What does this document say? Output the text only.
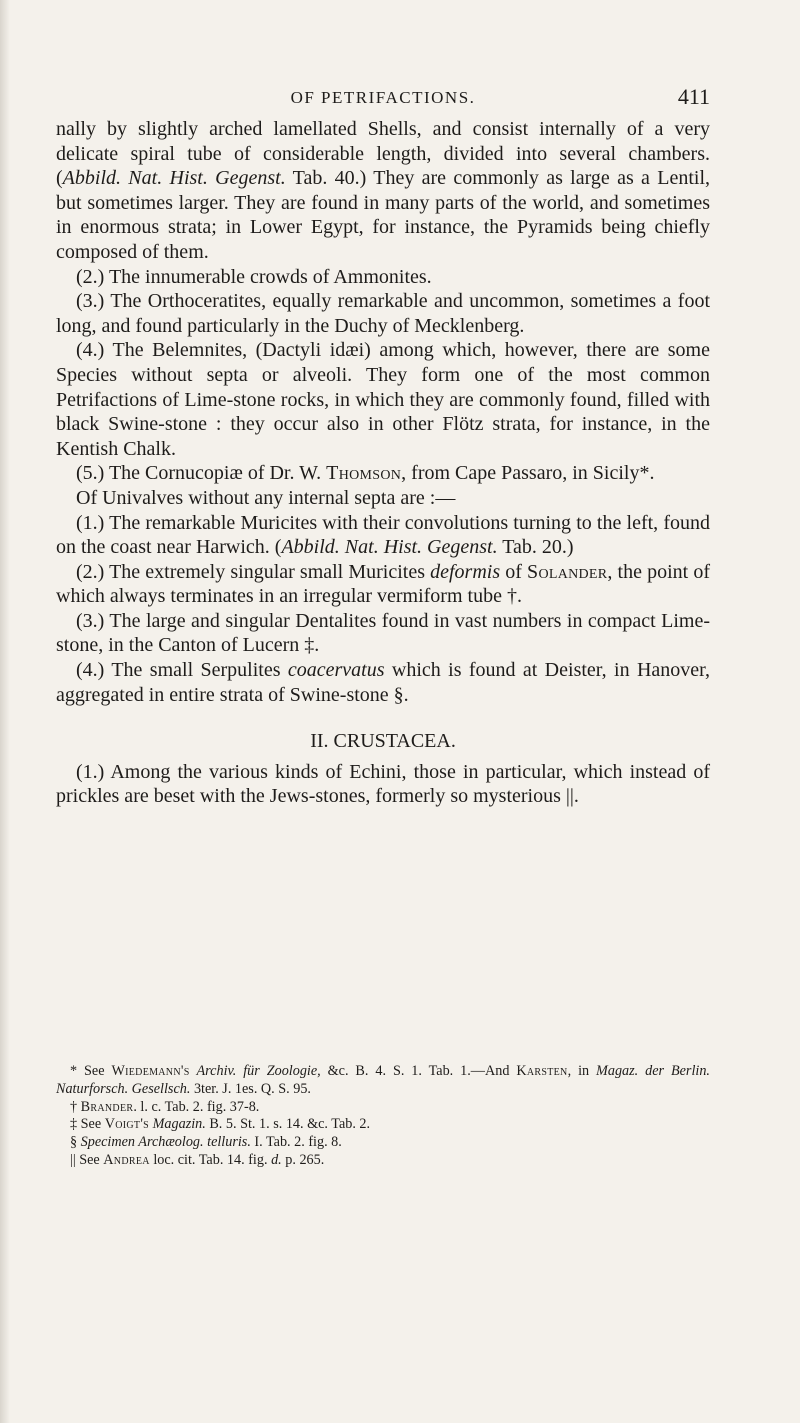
OF PETRIFACTIONS.	411

nally by slightly arched lamellated Shells, and consist internally of a very delicate spiral tube of considerable length, divided into several chambers. (Abbild. Nat. Hist. Gegenst. Tab. 40.) They are commonly as large as a Lentil, but sometimes larger. They are found in many parts of the world, and sometimes in enormous strata; in Lower Egypt, for instance, the Pyramids being chiefly composed of them.

(2.) The innumerable crowds of Ammonites.

(3.) The Orthoceratites, equally remarkable and uncommon, sometimes a foot long, and found particularly in the Duchy of Mecklenberg.

(4.) The Belemnites, (Dactyli idæi) among which, however, there are some Species without septa or alveoli. They form one of the most common Petrifactions of Lime-stone rocks, in which they are commonly found, filled with black Swine-stone : they occur also in other Flötz strata, for instance, in the Kentish Chalk.

(5.) The Cornucopiæ of Dr. W. Thomson, from Cape Passaro, in Sicily*.

Of Univalves without any internal septa are :—

(1.) The remarkable Muricites with their convolutions turning to the left, found on the coast near Harwich. (Abbild. Nat. Hist. Gegenst. Tab. 20.)

(2.) The extremely singular small Muricites deformis of Solander, the point of which always terminates in an irregular vermiform tube †.

(3.) The large and singular Dentalites found in vast numbers in compact Lime-stone, in the Canton of Lucern ‡.

(4.) The small Serpulites coacervatus which is found at Deister, in Hanover, aggregated in entire strata of Swine-stone §.

II. CRUSTACEA.

(1.) Among the various kinds of Echini, those in particular, which instead of prickles are beset with the Jews-stones, formerly so mysterious ||.

* See Wiedemann's Archiv. für Zoologie, &c. B. 4. S. 1. Tab. 1.—And Karsten, in Magaz. der Berlin. Naturforsch. Gesellsch. 3ter. J. 1es. Q. S. 95.

† Brander. l. c. Tab. 2. fig. 37-8.

‡ See Voigt's Magazin. B. 5. St. 1. s. 14. &c. Tab. 2.

§ Specimen Archæolog. telluris. I. Tab. 2. fig. 8.

|| See Andrea loc. cit. Tab. 14. fig. d. p. 265.
